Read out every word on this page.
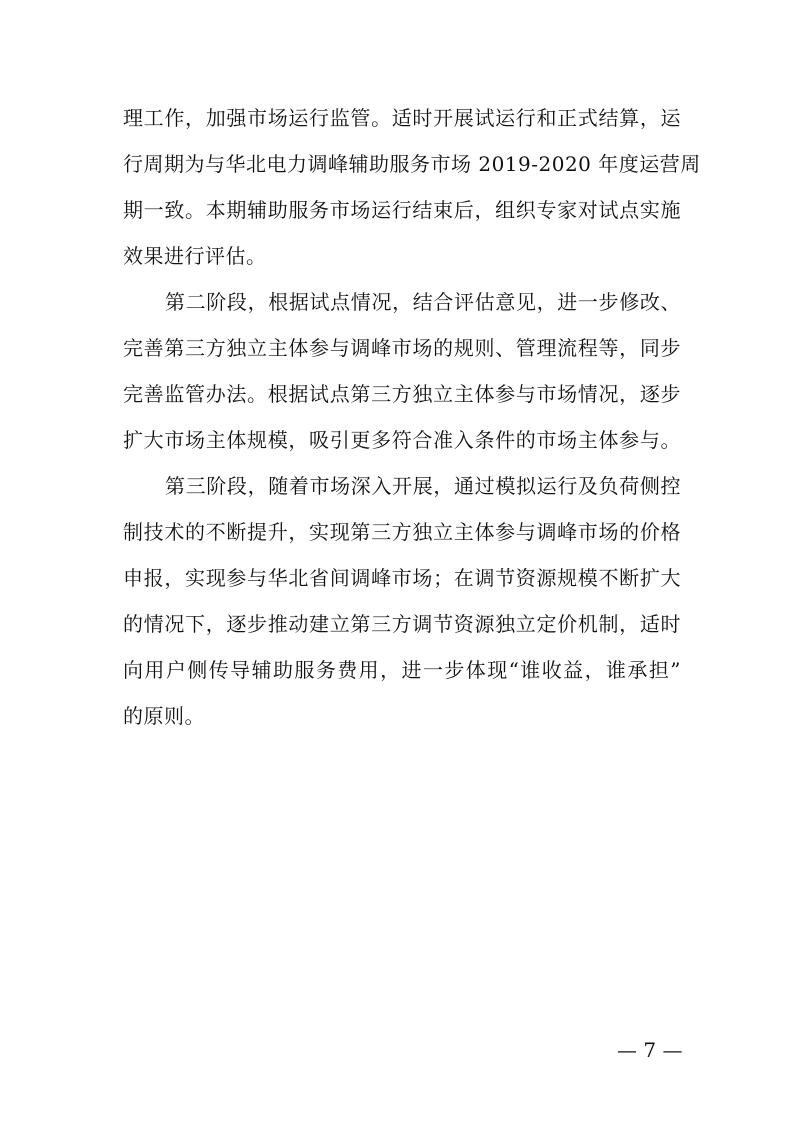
理工作，加强市场运行监管。适时开展试运行和正式结算，运
行周期为与华北电力调峰辅助服务市场 2019-2020 年度运营周
期一致。本期辅助服务市场运行结束后，组织专家对试点实施
效果进行评估。
第二阶段，根据试点情况，结合评估意见，进一步修改、
完善第三方独立主体参与调峰市场的规则、管理流程等，同步
完善监管办法。根据试点第三方独立主体参与市场情况，逐步
扩大市场主体规模，吸引更多符合准入条件的市场主体参与。
第三阶段，随着市场深入开展，通过模拟运行及负荷侧控
制技术的不断提升，实现第三方独立主体参与调峰市场的价格
申报，实现参与华北省间调峰市场；在调节资源规模不断扩大
的情况下，逐步推动建立第三方调节资源独立定价机制，适时
向用户侧传导辅助服务费用，进一步体现“谁收益，谁承担”
的原则。
— 7 —
